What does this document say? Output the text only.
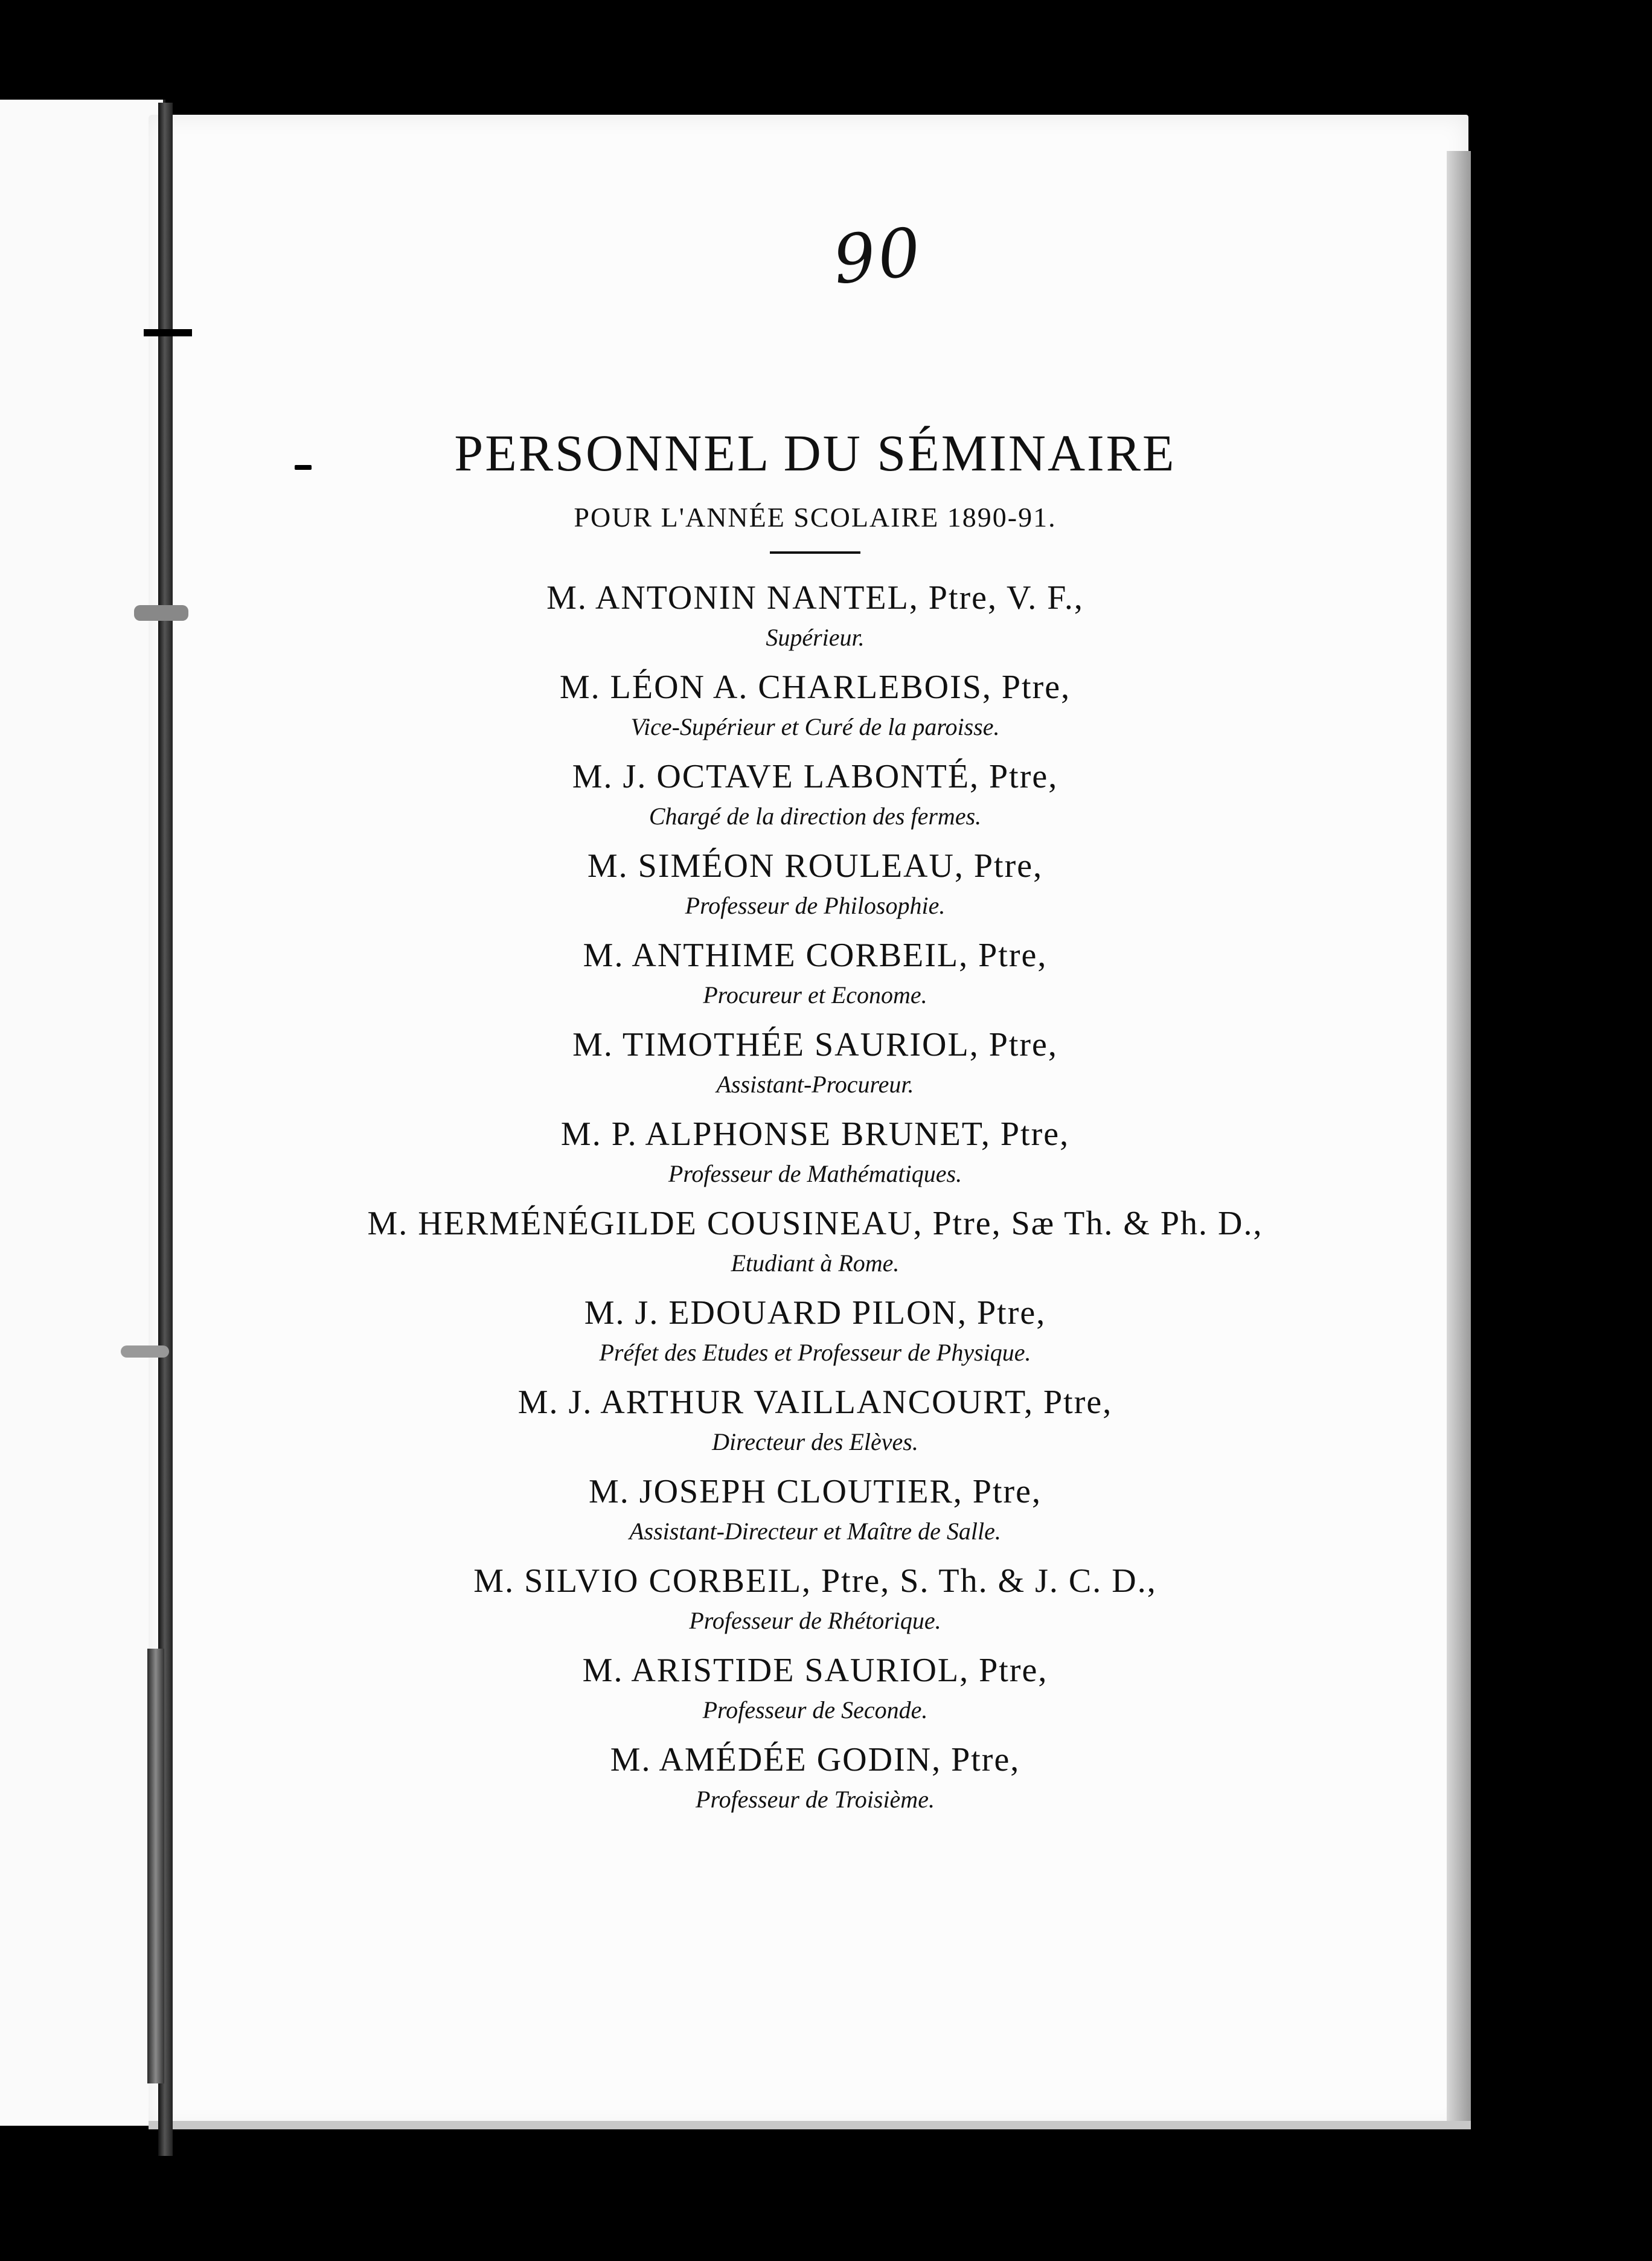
90
PERSONNEL DU SÉMINAIRE

POUR L'ANNÉE SCOLAIRE 1890-91.

M. ANTONIN NANTEL, Ptre, V. F.,
Supérieur.
M. LÉON A. CHARLEBOIS, Ptre,
Vice-Supérieur et Curé de la paroisse.
M. J. OCTAVE LABONTÉ, Ptre,
Chargé de la direction des fermes.
M. SIMÉON ROULEAU, Ptre,
Professeur de Philosophie.
M. ANTHIME CORBEIL, Ptre,
Procureur et Econome.
M. TIMOTHÉE SAURIOL, Ptre,
Assistant-Procureur.
M. P. ALPHONSE BRUNET, Ptre,
Professeur de Mathématiques.
M. HERMÉNÉGILDE COUSINEAU, Ptre, Sæ Th. & Ph. D.,
Etudiant à Rome.
M. J. EDOUARD PILON, Ptre,
Préfet des Etudes et Professeur de Physique.
M. J. ARTHUR VAILLANCOURT, Ptre,
Directeur des Elèves.
M. JOSEPH CLOUTIER, Ptre,
Assistant-Directeur et Maître de Salle.
M. SILVIO CORBEIL, Ptre, S. Th. & J. C. D.,
Professeur de Rhétorique.
M. ARISTIDE SAURIOL, Ptre,
Professeur de Seconde.
M. AMÉDÉE GODIN, Ptre,
Professeur de Troisième.
